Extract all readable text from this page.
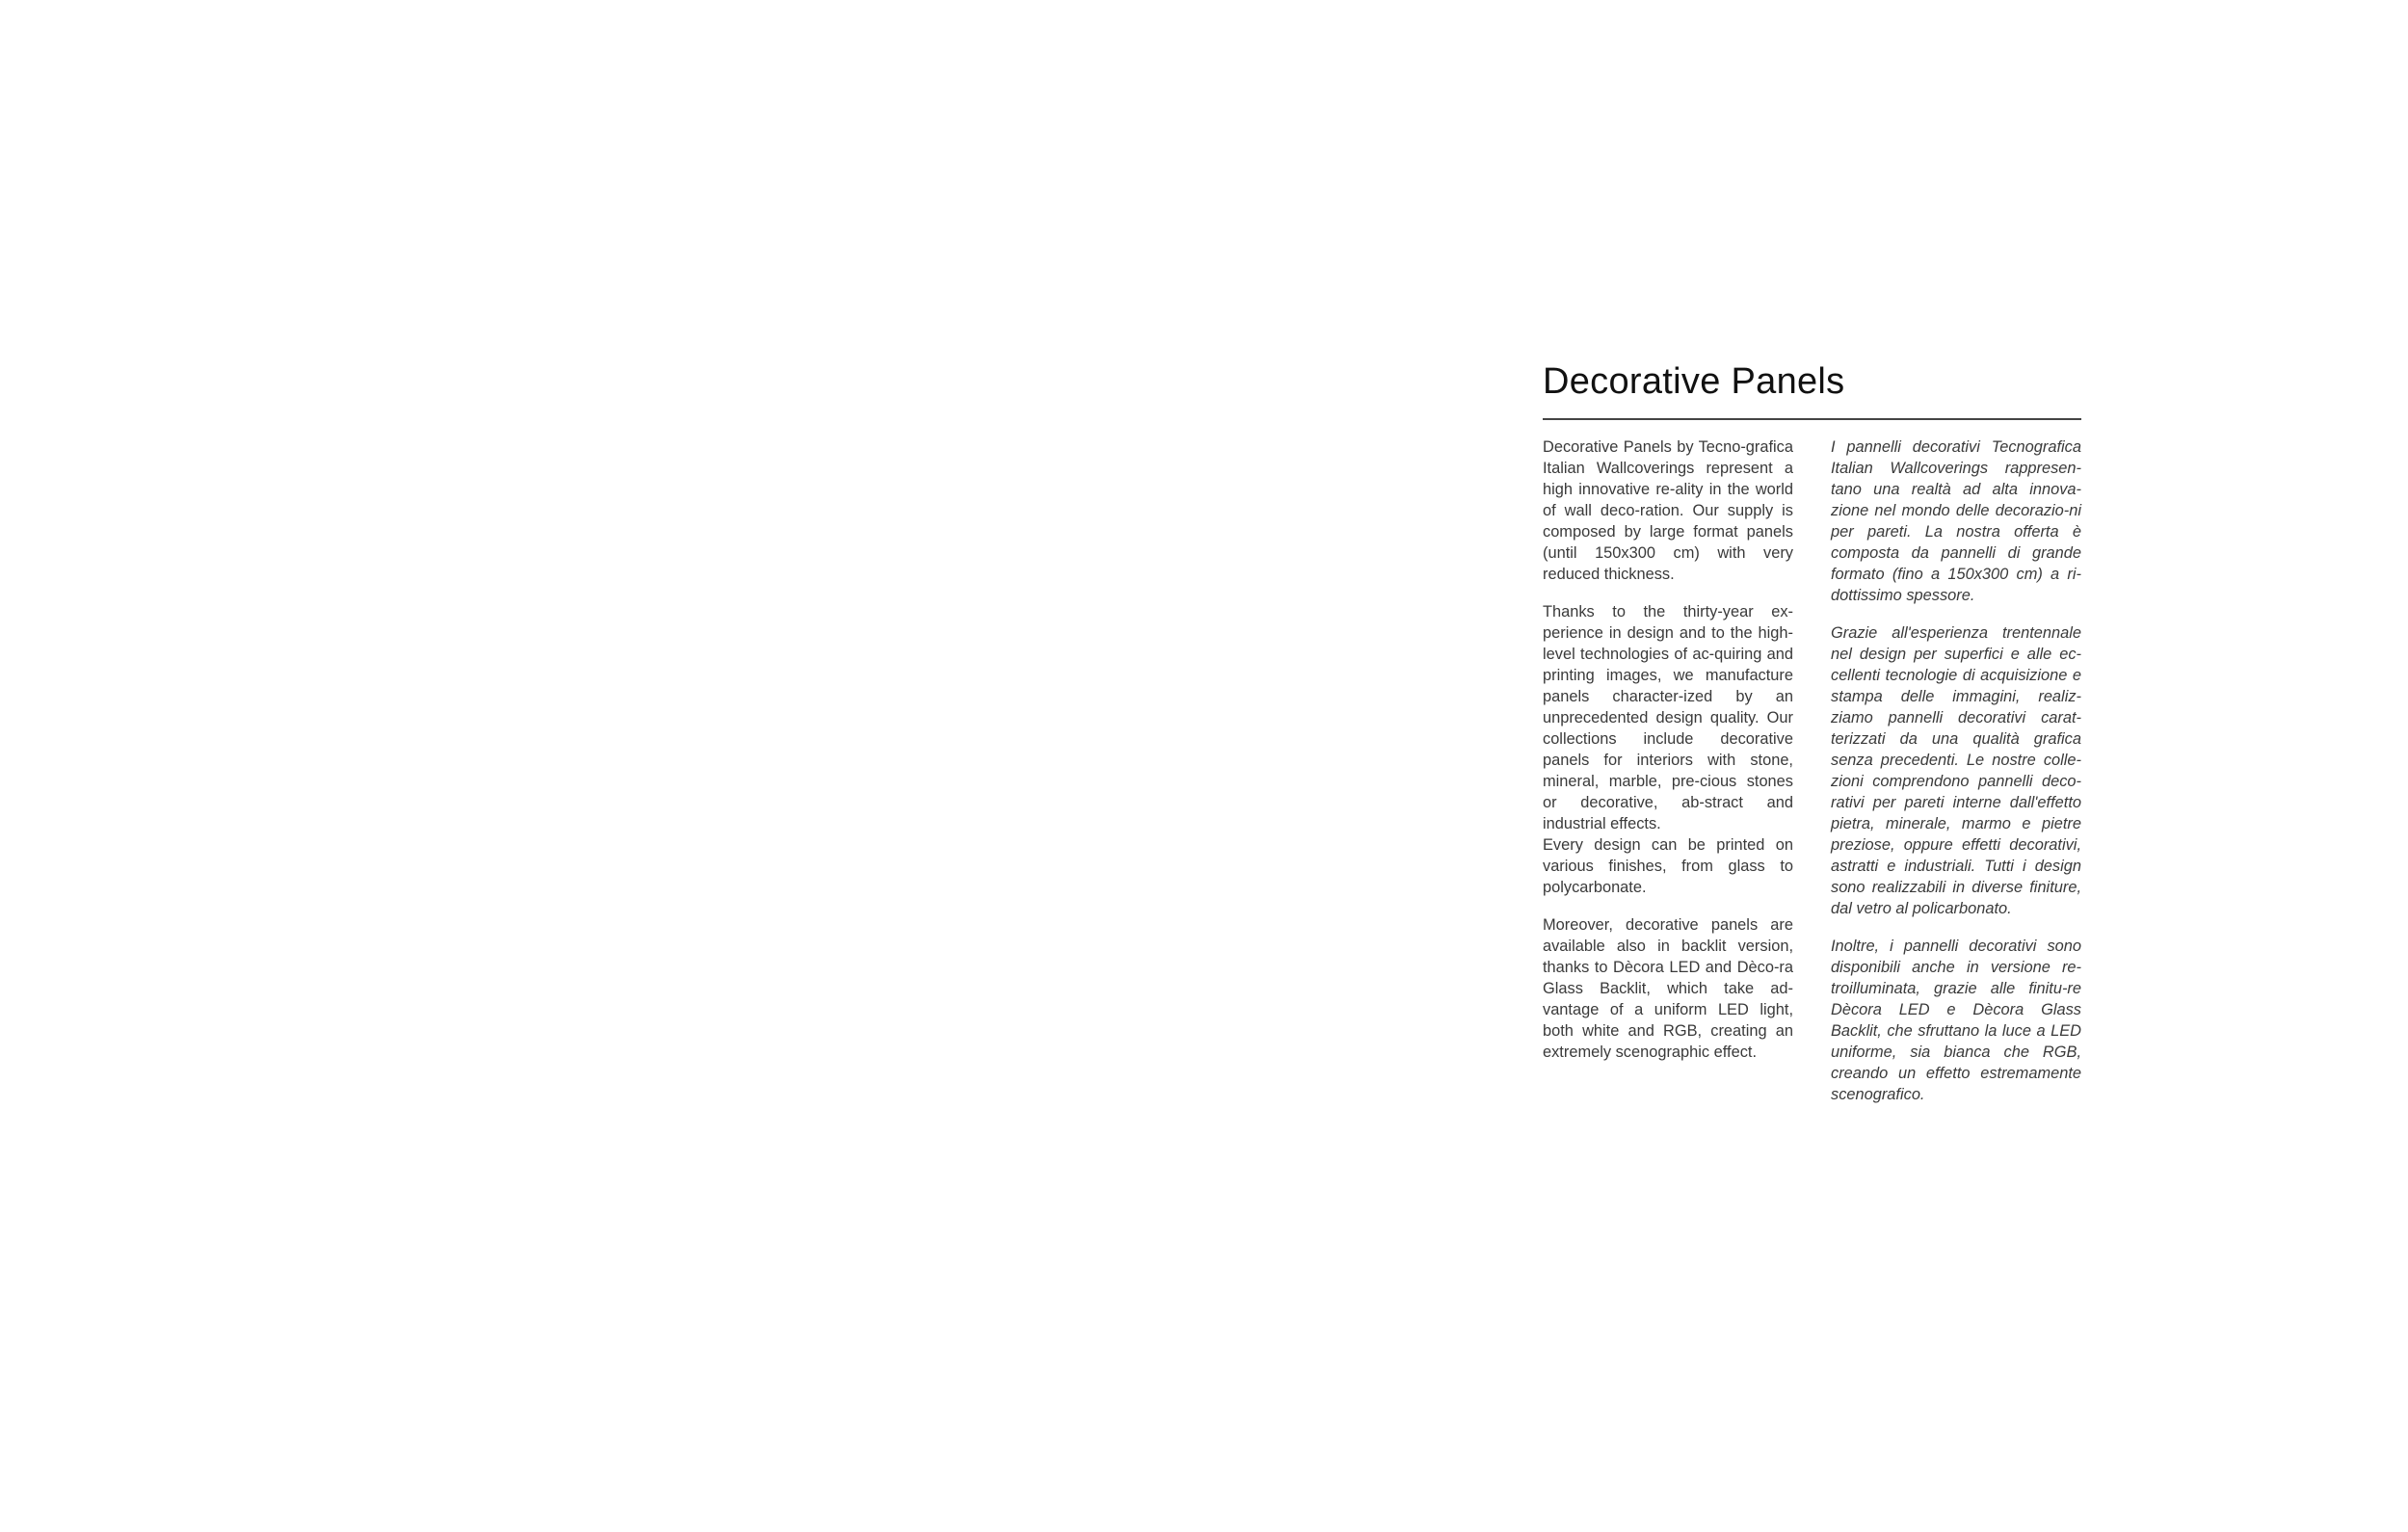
Decorative Panels

Decorative Panels by Tecno-grafica Italian Wallcoverings represent a high innovative re-ality in the world of wall deco-ration. Our supply is composed by large format panels (until 150x300 cm) with very reduced thickness.

Thanks to the thirty-year ex-perience in design and to the high-level technologies of ac-quiring and printing images, we manufacture panels character-ized by an unprecedented design quality. Our collections include decorative panels for interiors with stone, mineral, marble, pre-cious stones or decorative, ab-stract and industrial effects.
Every design can be printed on various finishes, from glass to polycarbonate.

Moreover, decorative panels are available also in backlit version, thanks to Dècora LED and Dèco-ra Glass Backlit, which take ad-vantage of a uniform LED light, both white and RGB, creating an extremely scenographic effect.

I pannelli decorativi Tecnografica Italian Wallcoverings rappresen-tano una realtà ad alta innova-zione nel mondo delle decorazio-ni per pareti. La nostra offerta è composta da pannelli di grande formato (fino a 150x300 cm) a ri-dottissimo spessore.

Grazie all'esperienza trentennale nel design per superfici e alle ec-cellenti tecnologie di acquisizione e stampa delle immagini, realiz-ziamo pannelli decorativi carat-terizzati da una qualità grafica senza precedenti. Le nostre colle-zioni comprendono pannelli deco-rativi per pareti interne dall'effetto pietra, minerale, marmo e pietre preziose, oppure effetti decorativi, astratti e industriali. Tutti i design sono realizzabili in diverse finiture, dal vetro al policarbonato.

Inoltre, i pannelli decorativi sono disponibili anche in versione re-troilluminata, grazie alle finitu-re Dècora LED e Dècora Glass Backlit, che sfruttano la luce a LED uniforme, sia bianca che RGB, creando un effetto estremamente scenografico.
